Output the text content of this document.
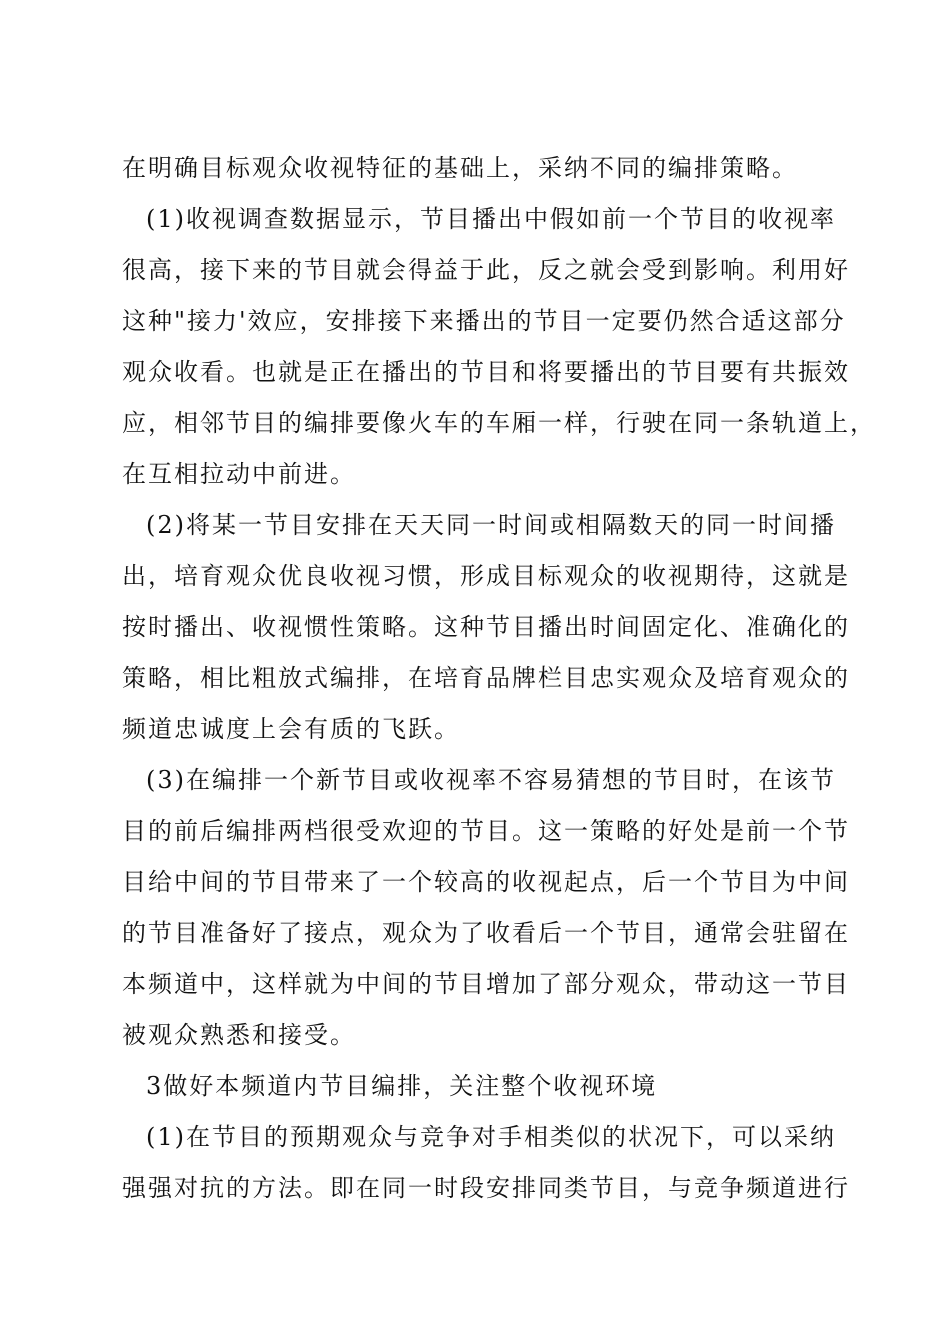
在明确目标观众收视特征的基础上，采纳不同的编排策略。
(1)收视调查数据显示，节目播出中假如前一个节目的收视率
很高，接下来的节目就会得益于此，反之就会受到影响。利用好
这种"接力'效应，安排接下来播出的节目一定要仍然合适这部分
观众收看。也就是正在播出的节目和将要播出的节目要有共振效
应，相邻节目的编排要像火车的车厢一样，行驶在同一条轨道上，
在互相拉动中前进。
(2)将某一节目安排在天天同一时间或相隔数天的同一时间播
出，培育观众优良收视习惯，形成目标观众的收视期待，这就是
按时播出、收视惯性策略。这种节目播出时间固定化、准确化的
策略，相比粗放式编排，在培育品牌栏目忠实观众及培育观众的
频道忠诚度上会有质的飞跃。
(3)在编排一个新节目或收视率不容易猜想的节目时，在该节
目的前后编排两档很受欢迎的节目。这一策略的好处是前一个节
目给中间的节目带来了一个较高的收视起点，后一个节目为中间
的节目准备好了接点，观众为了收看后一个节目，通常会驻留在
本频道中，这样就为中间的节目增加了部分观众，带动这一节目
被观众熟悉和接受。
3做好本频道内节目编排，关注整个收视环境
(1)在节目的预期观众与竞争对手相类似的状况下，可以采纳
强强对抗的方法。即在同一时段安排同类节目，与竞争频道进行
